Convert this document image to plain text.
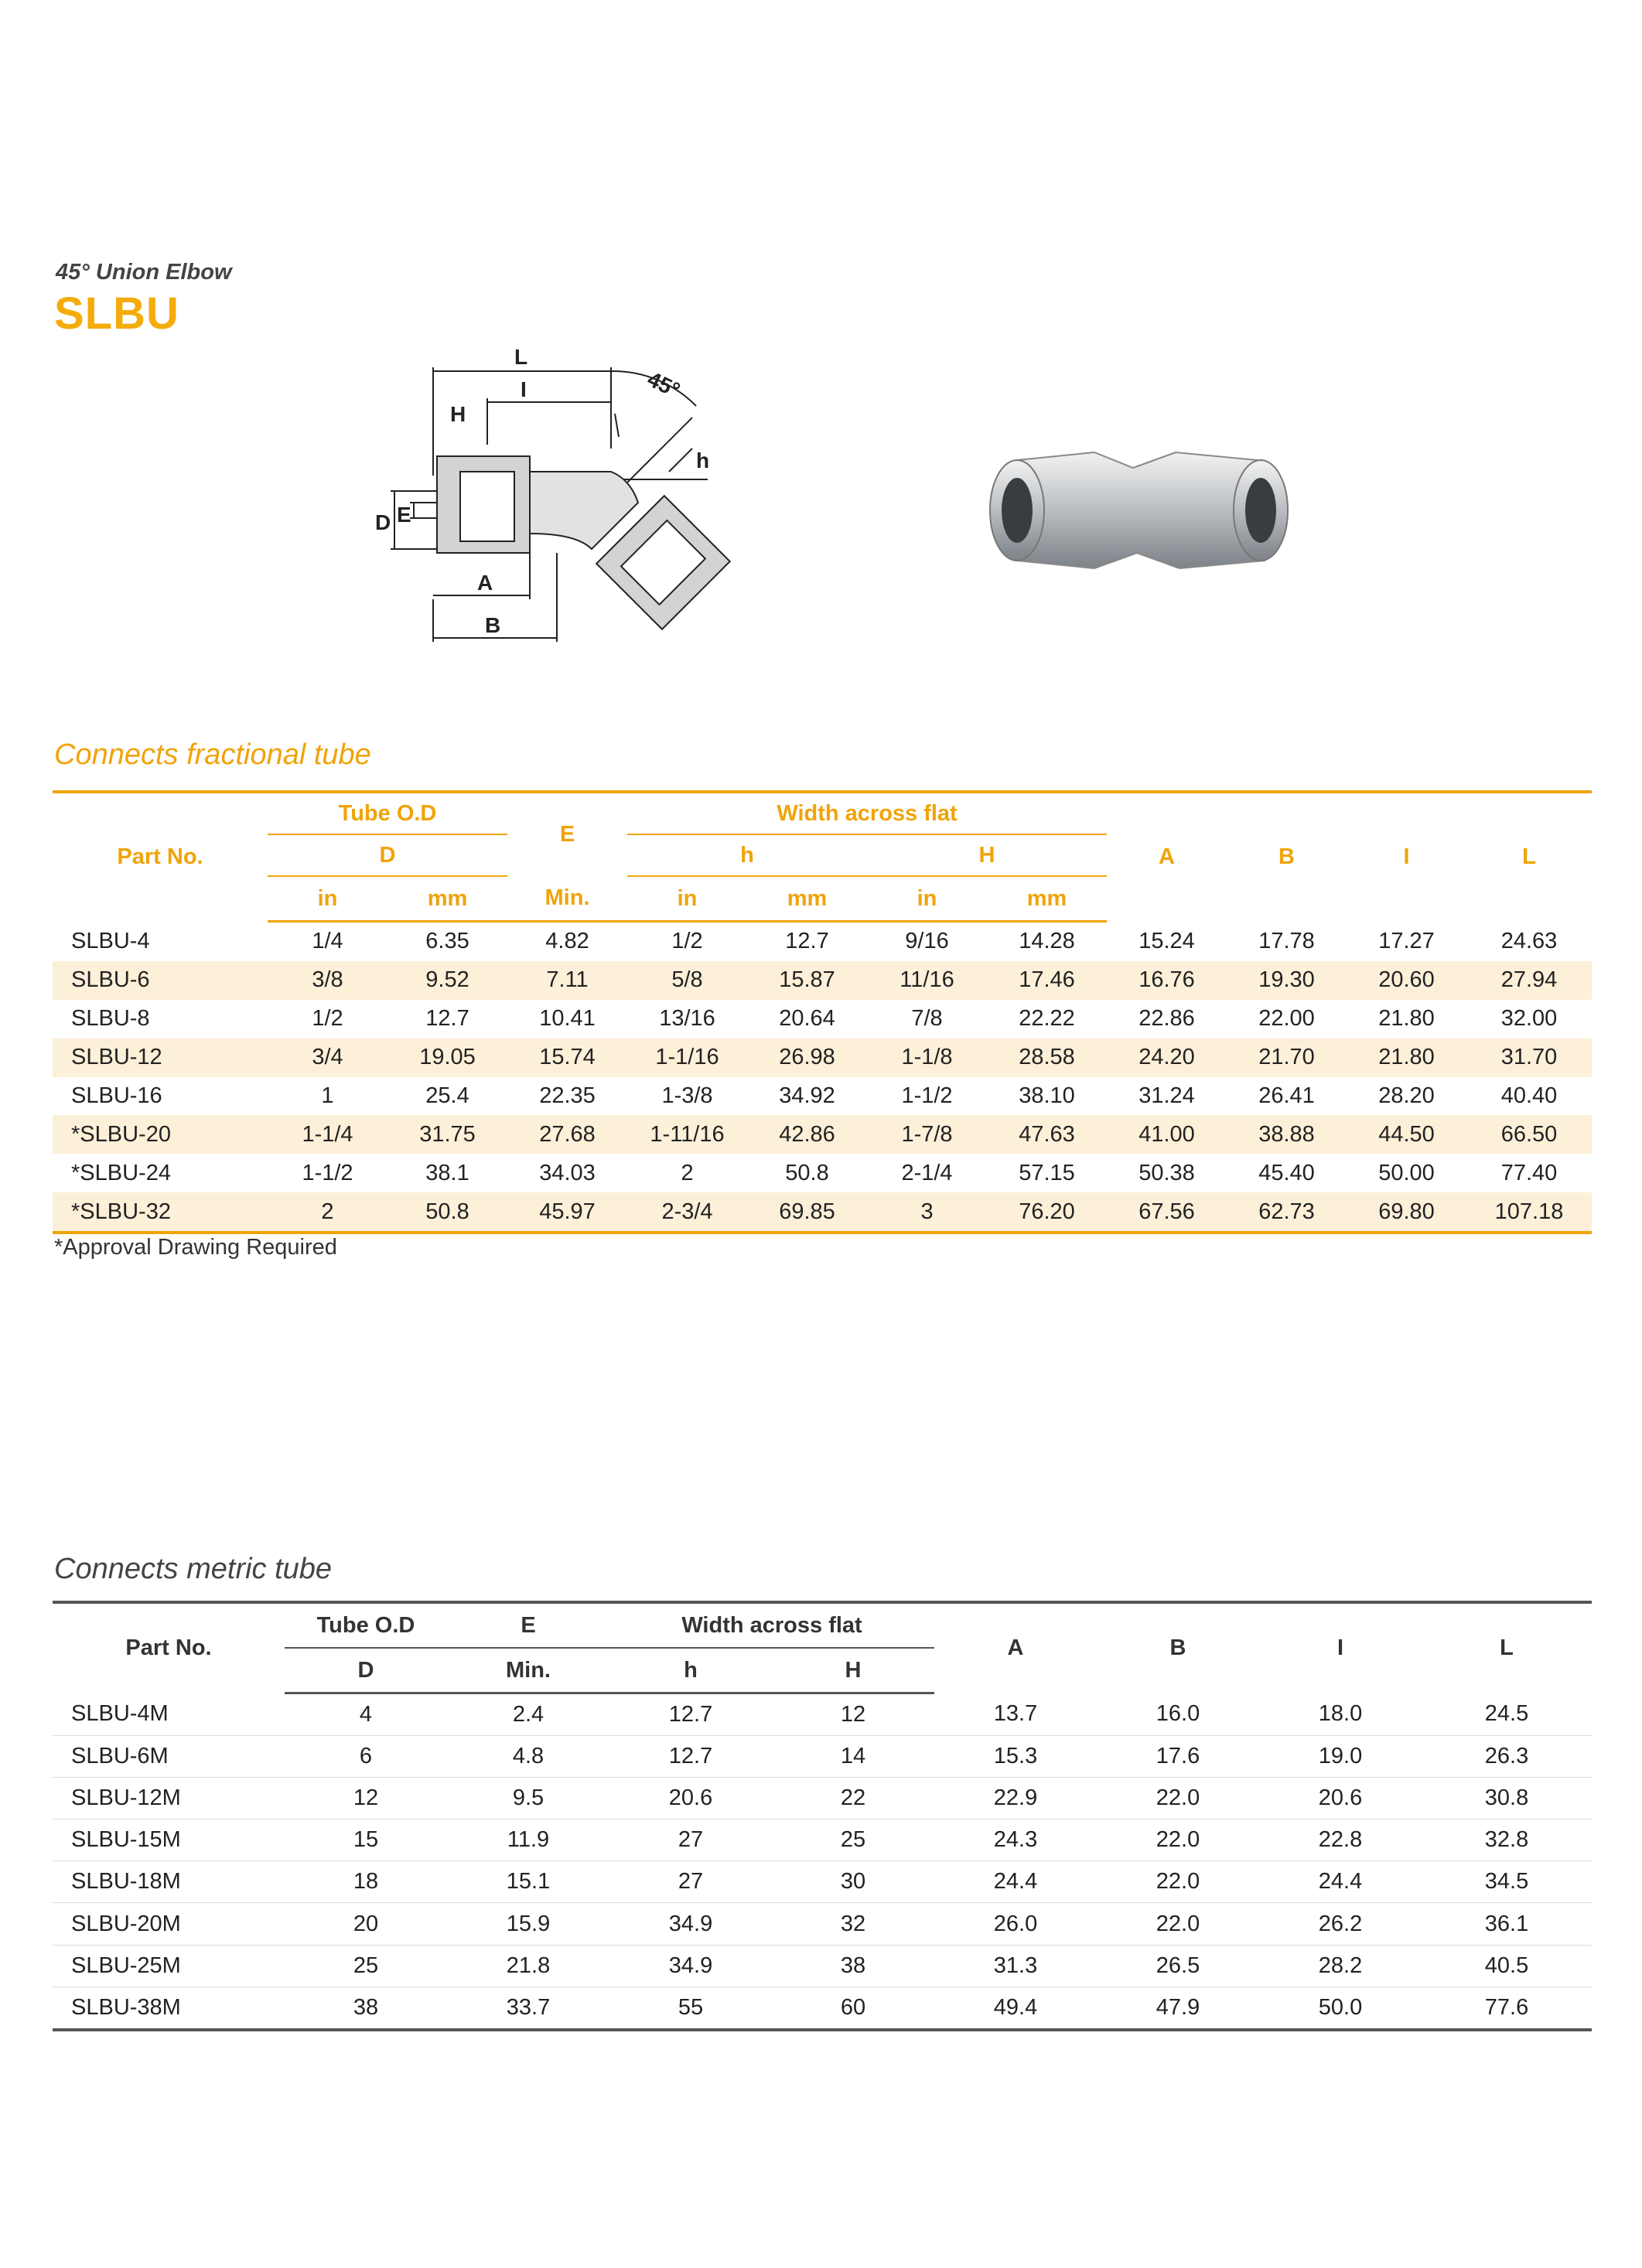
45° Union Elbow
SLBU
L
I
H
h
D E
A
B
45°
Connects fractional tube
Part No.	Tube O.D		E	Width across flat				A	B	I	L
	D			h		H					
	in	mm	Min.	in	mm	in	mm				
SLBU-4	1/4	6.35	4.82	1/2	12.7	9/16	14.28	15.24	17.78	17.27	24.63
SLBU-6	3/8	9.52	7.11	5/8	15.87	11/16	17.46	16.76	19.30	20.60	27.94
SLBU-8	1/2	12.7	10.41	13/16	20.64	7/8	22.22	22.86	22.00	21.80	32.00
SLBU-12	3/4	19.05	15.74	1-1/16	26.98	1-1/8	28.58	24.20	21.70	21.80	31.70
SLBU-16	1	25.4	22.35	1-3/8	34.92	1-1/2	38.10	31.24	26.41	28.20	40.40
*SLBU-20	1-1/4	31.75	27.68	1-11/16	42.86	1-7/8	47.63	41.00	38.88	44.50	66.50
*SLBU-24	1-1/2	38.1	34.03	2	50.8	2-1/4	57.15	50.38	45.40	50.00	77.40
*SLBU-32	2	50.8	45.97	2-3/4	69.85	3	76.20	67.56	62.73	69.80	107.18
*Approval Drawing Required
Connects metric tube
Part No.	Tube O.D	E	Width across flat		A	B	I	L
	D	Min.	h	H				
SLBU-4M	4	2.4	12.7	12	13.7	16.0	18.0	24.5
SLBU-6M	6	4.8	12.7	14	15.3	17.6	19.0	26.3
SLBU-12M	12	9.5	20.6	22	22.9	22.0	20.6	30.8
SLBU-15M	15	11.9	27	25	24.3	22.0	22.8	32.8
SLBU-18M	18	15.1	27	30	24.4	22.0	24.4	34.5
SLBU-20M	20	15.9	34.9	32	26.0	22.0	26.2	36.1
SLBU-25M	25	21.8	34.9	38	31.3	26.5	28.2	40.5
SLBU-38M	38	33.7	55	60	49.4	47.9	50.0	77.6
